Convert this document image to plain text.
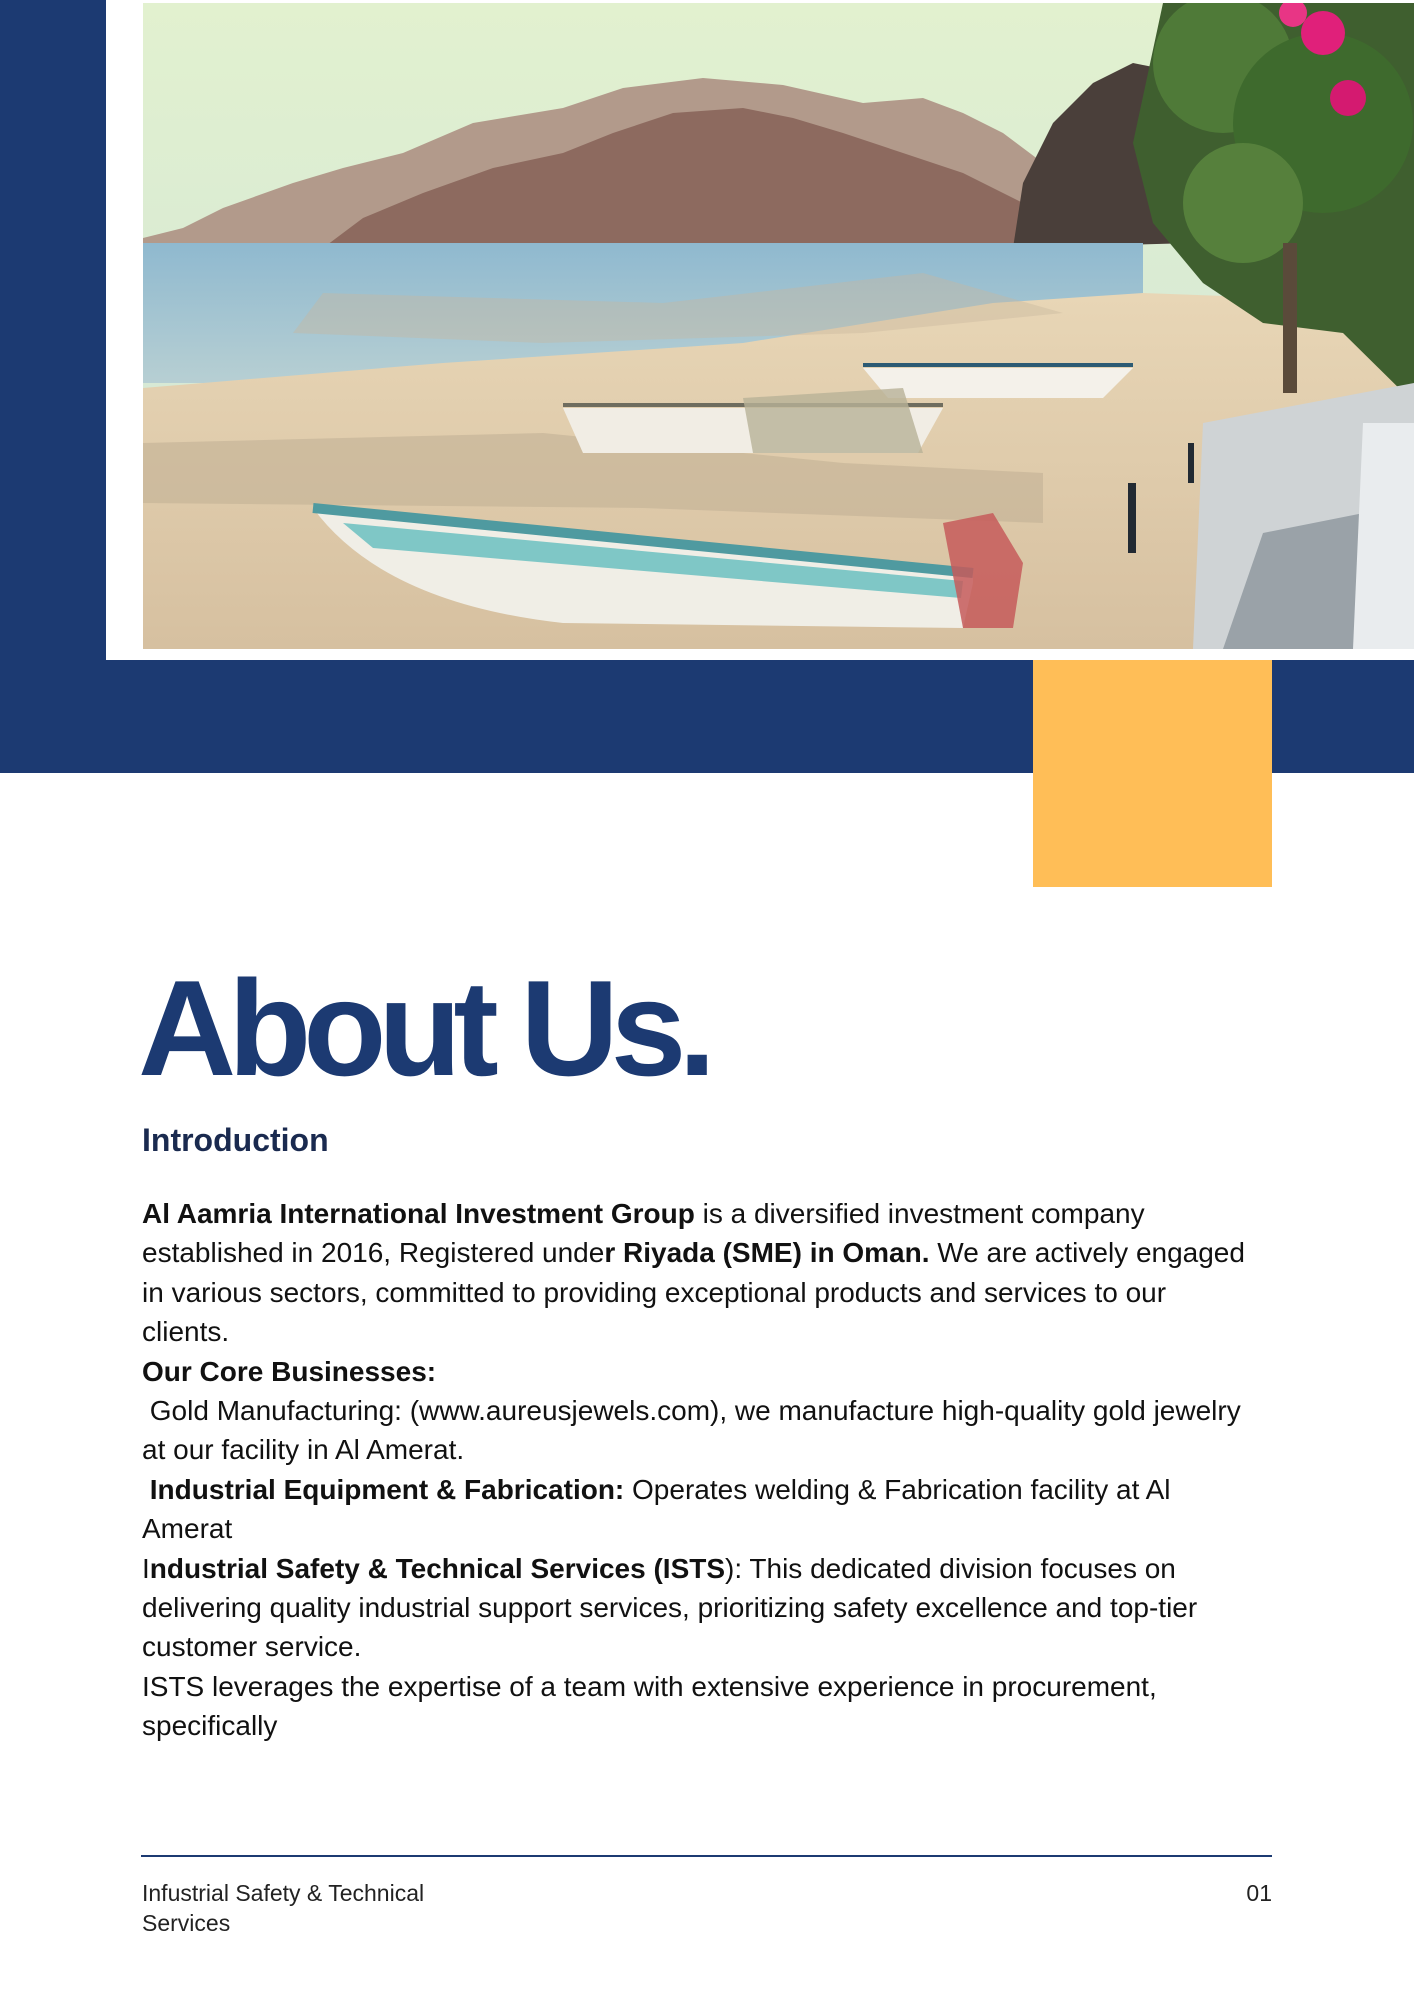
About Us.
Introduction

Al Aamria International Investment Group is a diversified investment company established in 2016, Registered under Riyada (SME) in Oman. We are actively engaged in various sectors, committed to providing exceptional products and services to our clients.

Our Core Businesses:

Gold Manufacturing: (www.aureusjewels.com), we manufacture high-quality gold jewelry at our facility in Al Amerat.

Industrial Equipment & Fabrication: Operates welding & Fabrication facility at Al Amerat

Industrial Safety & Technical Services (ISTS): This dedicated division focuses on delivering quality industrial support services, prioritizing safety excellence and top-tier customer service.

ISTS leverages the expertise of a team with extensive experience in procurement, specifically

Infustrial Safety & Technical Services
01
